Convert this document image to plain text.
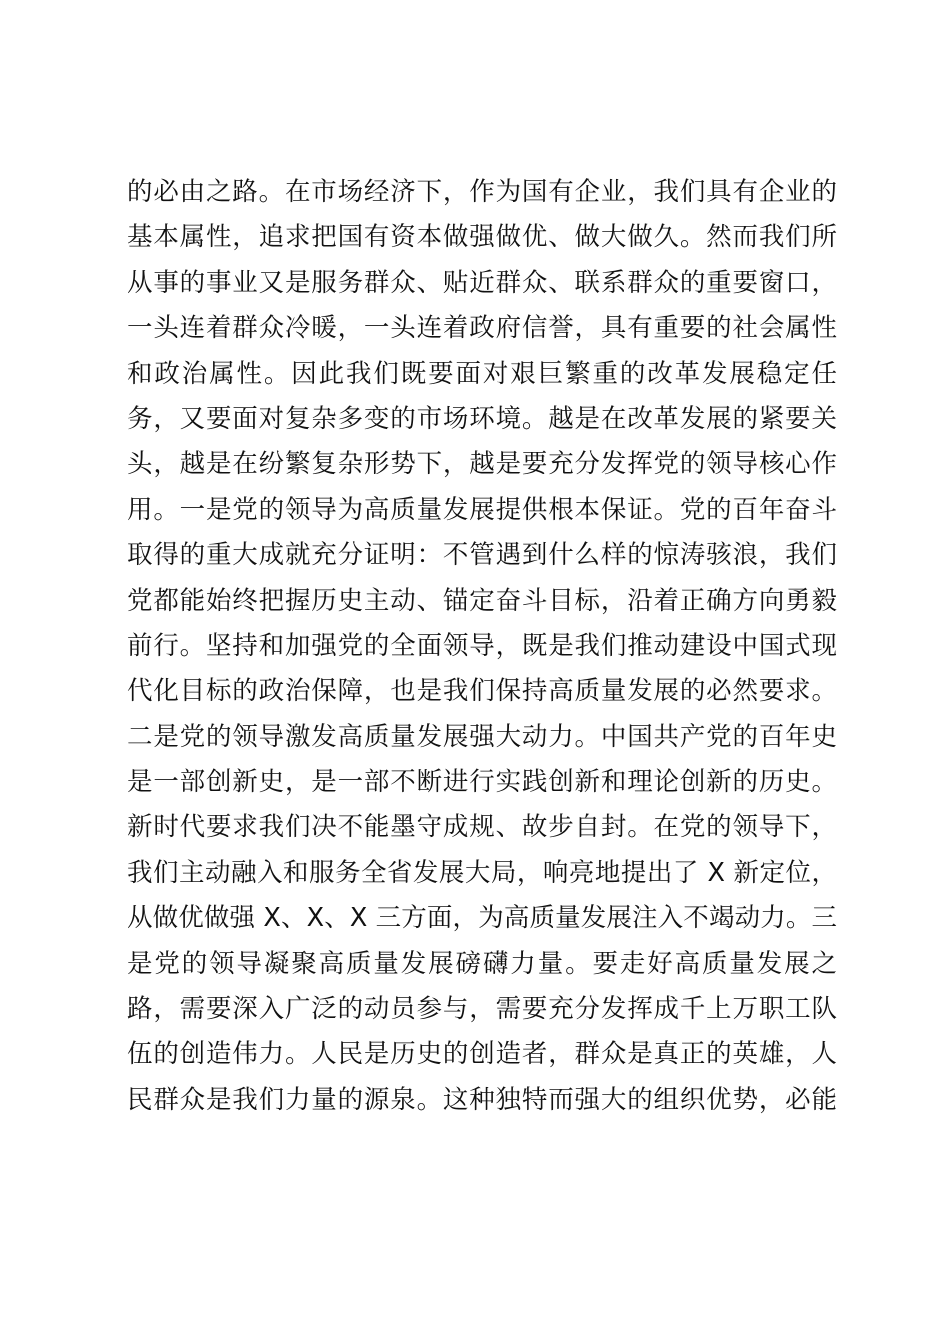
的必由之路。在市场经济下，作为国有企业，我们具有企业的
基本属性，追求把国有资本做强做优、做大做久。然而我们所
从事的事业又是服务群众、贴近群众、联系群众的重要窗口，
一头连着群众冷暖，一头连着政府信誉，具有重要的社会属性
和政治属性。因此我们既要面对艰巨繁重的改革发展稳定任
务，又要面对复杂多变的市场环境。越是在改革发展的紧要关
头，越是在纷繁复杂形势下，越是要充分发挥党的领导核心作
用。一是党的领导为高质量发展提供根本保证。党的百年奋斗
取得的重大成就充分证明：不管遇到什么样的惊涛骇浪，我们
党都能始终把握历史主动、锚定奋斗目标，沿着正确方向勇毅
前行。坚持和加强党的全面领导，既是我们推动建设中国式现
代化目标的政治保障，也是我们保持高质量发展的必然要求。
二是党的领导激发高质量发展强大动力。中国共产党的百年史
是一部创新史，是一部不断进行实践创新和理论创新的历史。
新时代要求我们决不能墨守成规、故步自封。在党的领导下，
我们主动融入和服务全省发展大局，响亮地提出了 X 新定位，
从做优做强 X、X、X 三方面，为高质量发展注入不竭动力。三
是党的领导凝聚高质量发展磅礴力量。要走好高质量发展之
路，需要深入广泛的动员参与，需要充分发挥成千上万职工队
伍的创造伟力。人民是历史的创造者，群众是真正的英雄，人
民群众是我们力量的源泉。这种独特而强大的组织优势，必能
